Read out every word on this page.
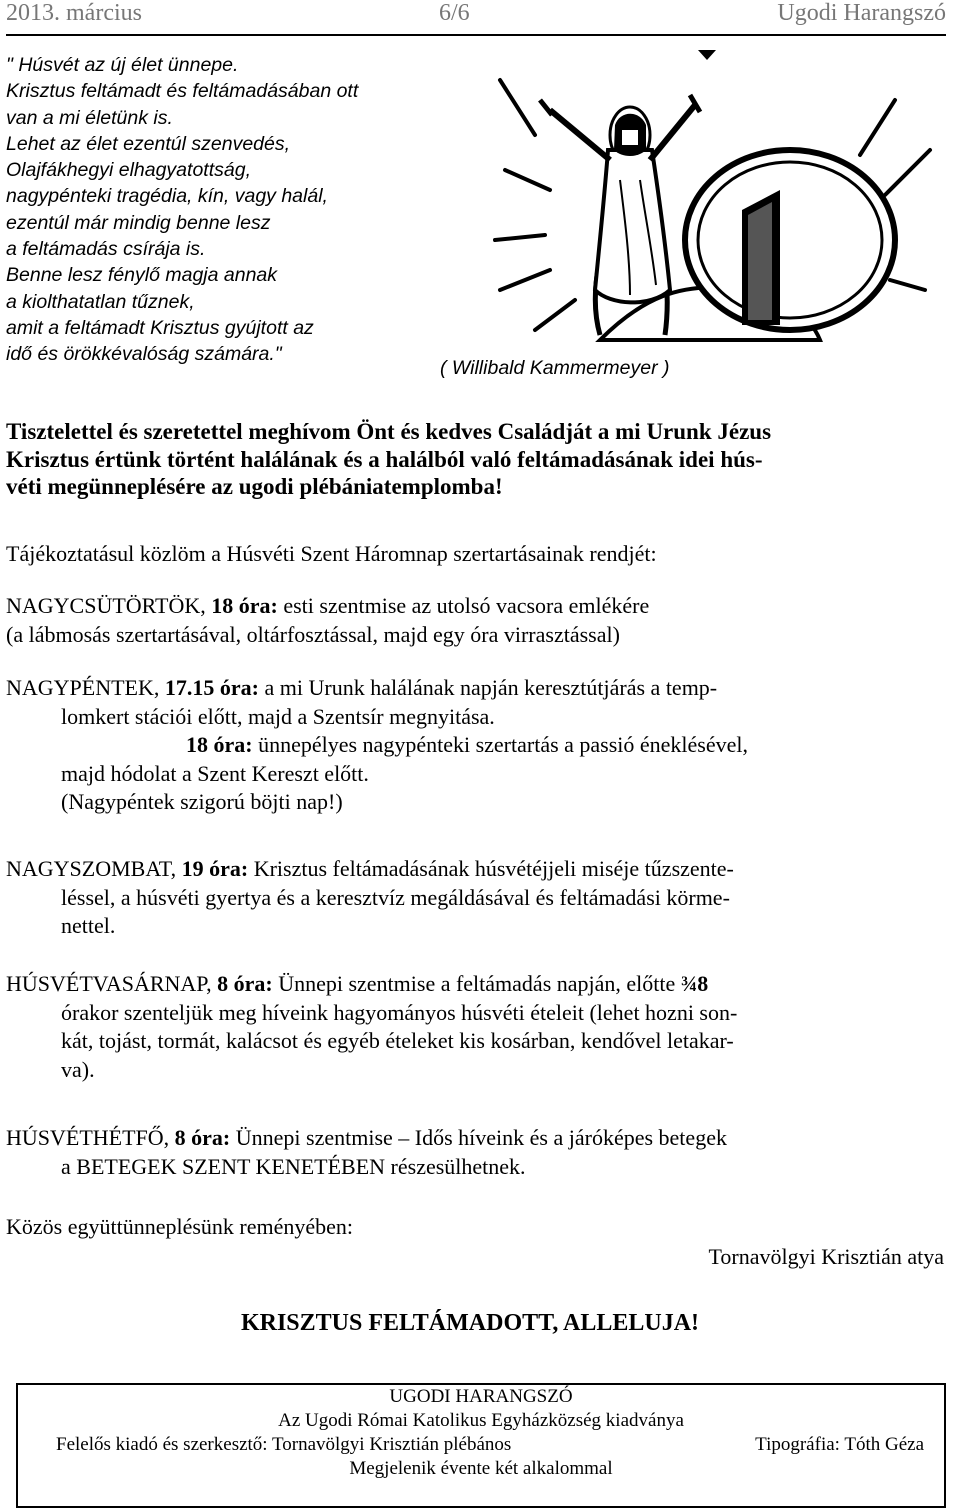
2013. március	6/6	Ugodi Harangszó
" Húsvét az új élet ünnepe.
Krisztus feltámadt és feltámadásában ott
van a mi életünk is.
Lehet az élet ezentúl szenvedés,
Olajfákhegyi elhagyatottság,
nagypénteki tragédia, kín, vagy halál,
ezentúl már mindig benne lesz
a feltámadás csírája is.
Benne lesz fénylő magja annak
a kiolthatatlan tűznek,
amit a feltámadt Krisztus gyújtott az
idő és örökkévalóság számára."
( Willibald Kammermeyer )
Tisztelettel és szeretettel meghívom Önt és kedves Családját a mi Urunk Jézus
Krisztus értünk történt halálának és a halálból való feltámadásának idei hús-
véti megünneplésére az ugodi plébániatemplomba!
Tájékoztatásul közlöm a Húsvéti Szent Háromnap szertartásainak rendjét:
NAGYCSÜTÖRTÖK, 18 óra: esti szentmise az utolsó vacsora emlékére
(a lábmosás szertartásával, oltárfosztással, majd egy óra virrasztással)
NAGYPÉNTEK, 17.15 óra: a mi Urunk halálának napján keresztútjárás a temp-
lomkert stációi előtt, majd a Szentsír megnyitása.
18 óra: ünnepélyes nagypénteki szertartás a passió éneklésével,
majd hódolat a Szent Kereszt előtt.
(Nagypéntek szigorú böjti nap!)
NAGYSZOMBAT, 19 óra: Krisztus feltámadásának húsvétéjjeli miséje tűzszente-
léssel, a húsvéti gyertya és a keresztvíz megáldásával és feltámadási körme-
nettel.
HÚSVÉTVASÁRNAP, 8 óra: Ünnepi szentmise a feltámadás napján, előtte ¾8
órakor szenteljük meg híveink hagyományos húsvéti ételeit (lehet hozni son-
kát, tojást, tormát, kalácsot és egyéb ételeket kis kosárban, kendővel letakar-
va).
HÚSVÉTHÉTFŐ, 8 óra: Ünnepi szentmise – Idős híveink és a járóképes betegek
a BETEGEK SZENT KENETÉBEN részesülhetnek.
Közös együttünneplésünk reményében:
Tornavölgyi Krisztián atya
KRISZTUS FELTÁMADOTT, ALLELUJA!
UGODI HARANGSZÓ
Az Ugodi Római Katolikus Egyházközség kiadványa
Felelős kiadó és szerkesztő: Tornavölgyi Krisztián plébános	Tipográfia: Tóth Géza
Megjelenik évente két alkalommal
